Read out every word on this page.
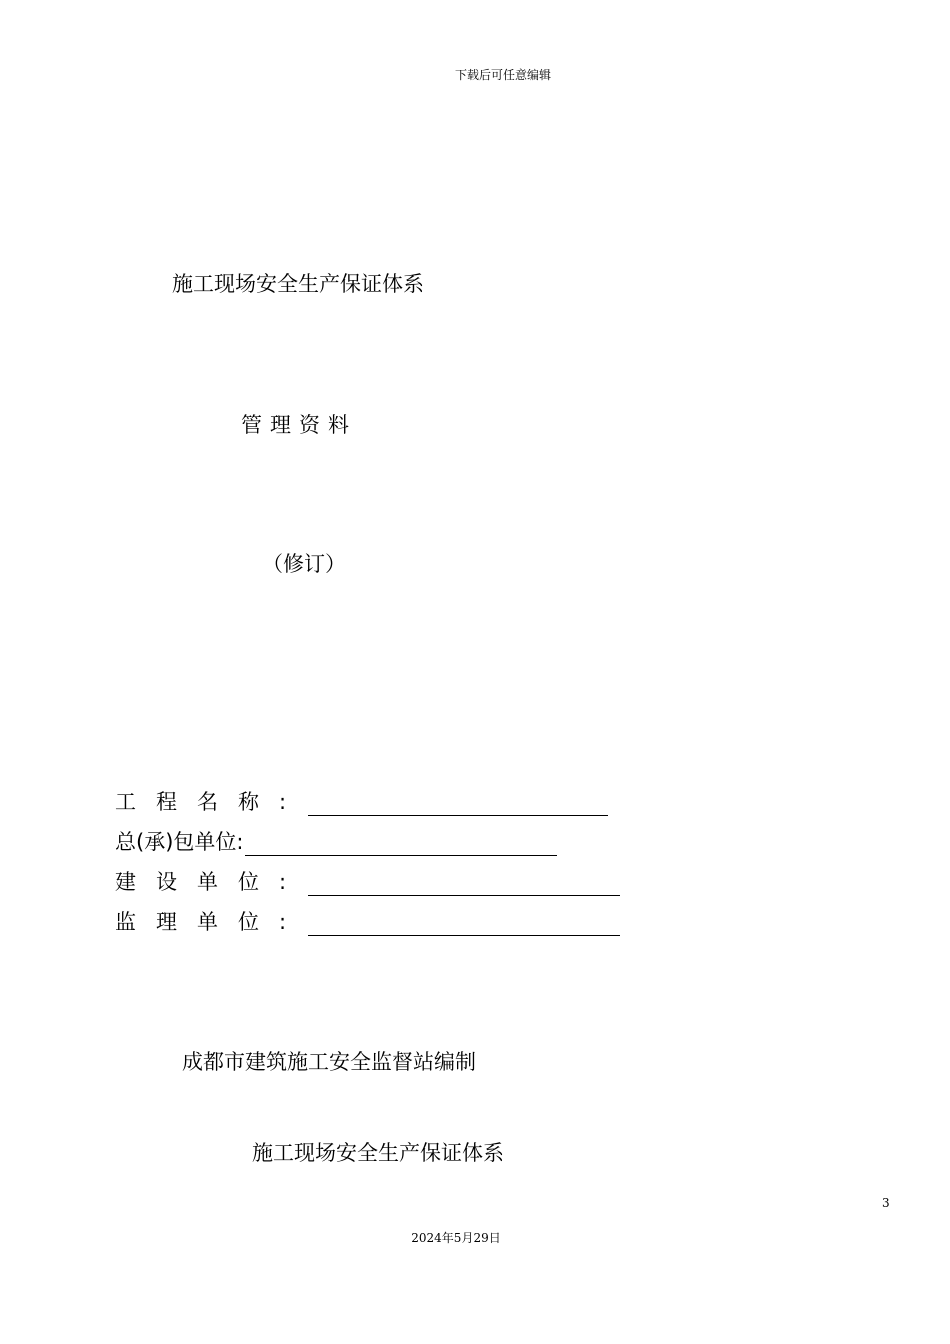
下载后可任意编辑
施工现场安全生产保证体系
管理资料
（修订）
工程名称:
总(承)包单位:
建设单位:
监理单位:
成都市建筑施工安全监督站编制
施工现场安全生产保证体系
3
2024年5月29日
